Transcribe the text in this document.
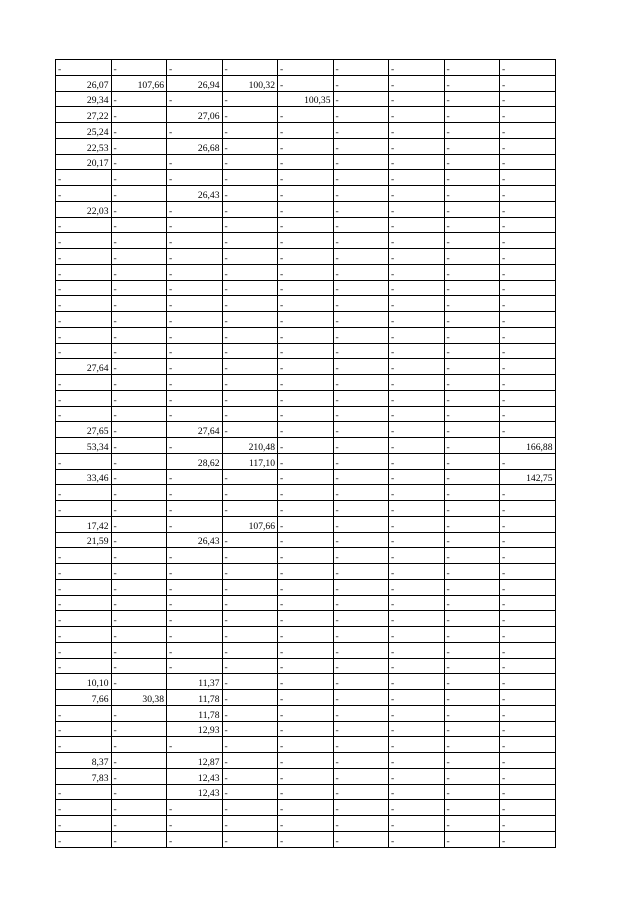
-	-	-	-	-	-	-	-	-
26,07	107,66	26,94	100,32	-	-	-	-	-
29,34	-	-	-	100,35	-	-	-	-
27,22	-	27,06	-	-	-	-	-	-
25,24	-	-	-	-	-	-	-	-
22,53	-	26,68	-	-	-	-	-	-
20,17	-	-	-	-	-	-	-	-
-	-	-	-	-	-	-	-	-
-	-	26,43	-	-	-	-	-	-
22,03	-	-	-	-	-	-	-	-
-	-	-	-	-	-	-	-	-
-	-	-	-	-	-	-	-	-
-	-	-	-	-	-	-	-	-
-	-	-	-	-	-	-	-	-
-	-	-	-	-	-	-	-	-
-	-	-	-	-	-	-	-	-
-	-	-	-	-	-	-	-	-
-	-	-	-	-	-	-	-	-
-	-	-	-	-	-	-	-	-
27,64	-	-	-	-	-	-	-	-
-	-	-	-	-	-	-	-	-
-	-	-	-	-	-	-	-	-
-	-	-	-	-	-	-	-	-
27,65	-	27,64	-	-	-	-	-	-
53,34	-	-	210,48	-	-	-	-	166,88
-	-	28,62	117,10	-	-	-	-	-
33,46	-	-	-	-	-	-	-	142,75
-	-	-	-	-	-	-	-	-
-	-	-	-	-	-	-	-	-
17,42	-	-	107,66	-	-	-	-	-
21,59	-	26,43	-	-	-	-	-	-
-	-	-	-	-	-	-	-	-
-	-	-	-	-	-	-	-	-
-	-	-	-	-	-	-	-	-
-	-	-	-	-	-	-	-	-
-	-	-	-	-	-	-	-	-
-	-	-	-	-	-	-	-	-
-	-	-	-	-	-	-	-	-
-	-	-	-	-	-	-	-	-
10,10	-	11,37	-	-	-	-	-	-
7,66	30,38	11,78	-	-	-	-	-	-
-	-	11,78	-	-	-	-	-	-
-	-	12,93	-	-	-	-	-	-
-	-	-	-	-	-	-	-	-
8,37	-	12,87	-	-	-	-	-	-
7,83	-	12,43	-	-	-	-	-	-
-	-	12,43	-	-	-	-	-	-
-	-	-	-	-	-	-	-	-
-	-	-	-	-	-	-	-	-
-	-	-	-	-	-	-	-	-
